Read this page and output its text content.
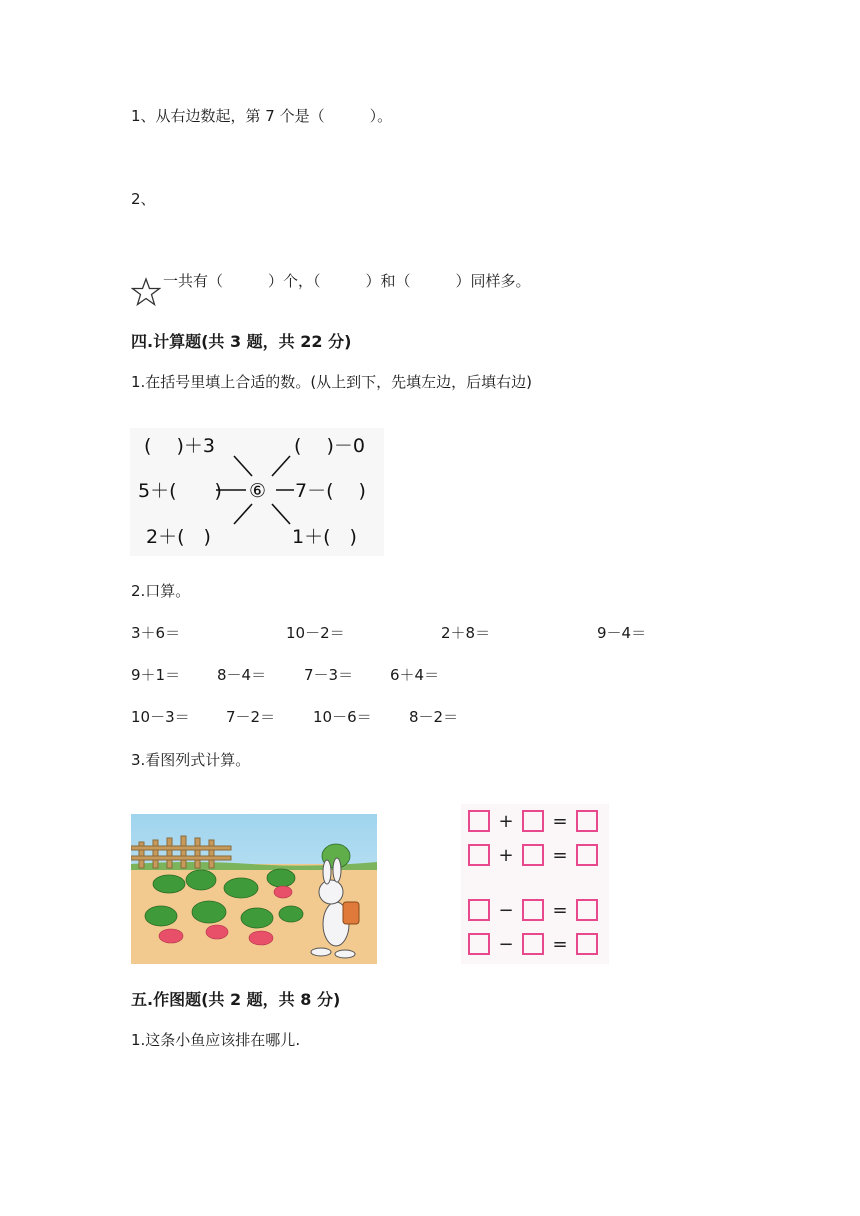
1、从右边数起，第 7 个是（　　　）。
2、
一共有（　　　）个，（　　　）和（　　　）同样多。
四.计算题(共 3 题，共 22 分)
1.在括号里填上合适的数。(从上到下，先填左边，后填右边)
(　 )＋3	(　 )－0
5＋(　　) ⑥ 7－(　 )
2＋(　)	1＋(　)
2.口算。
3＋6＝	10－2＝	2＋8＝	9－4＝
9＋1＝ 8－4＝	7－3＝ 6＋4＝
10－3＝ 7－2＝	10－6＝ 8－2＝
3.看图列式计算。
+ =
+ =
− =
− =
五.作图题(共 2 题，共 8 分)
1.这条小鱼应该排在哪儿.
